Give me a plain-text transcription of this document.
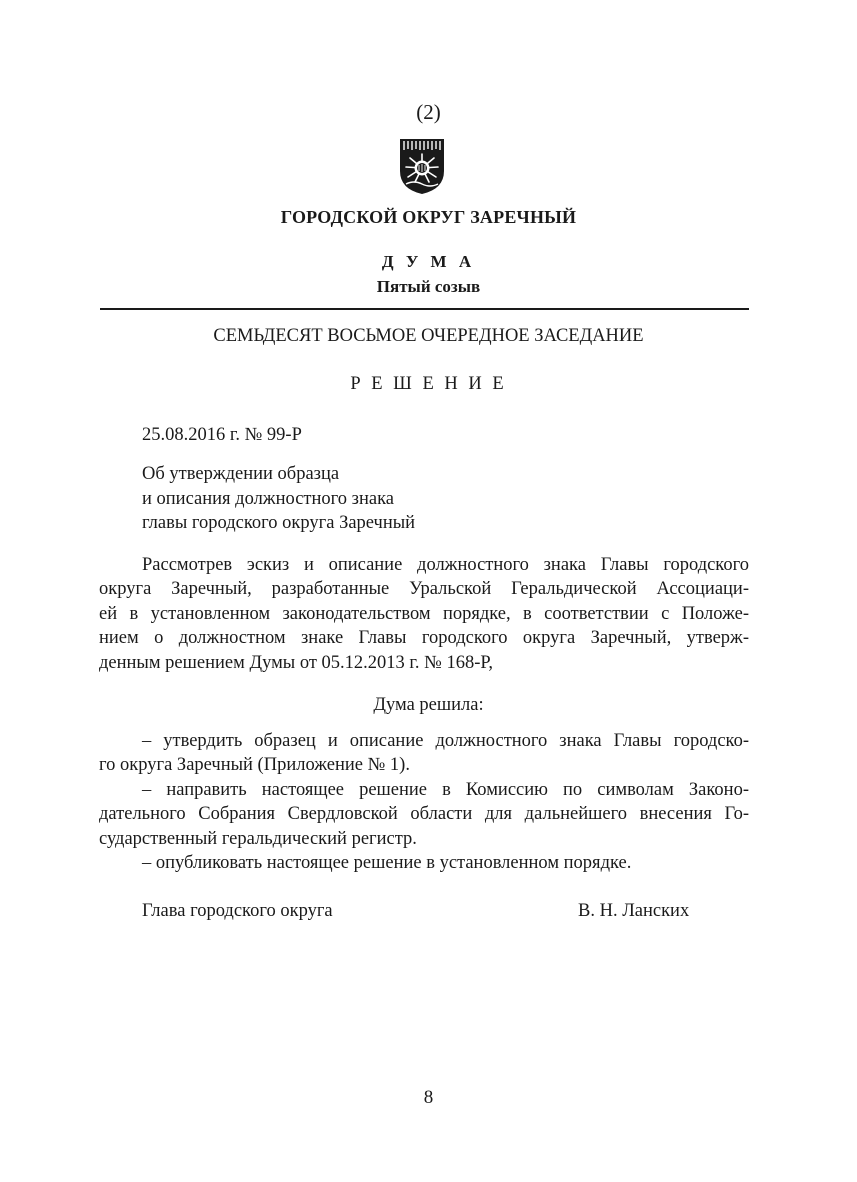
(2)
ГОРОДСКОЙ ОКРУГ ЗАРЕЧНЫЙ
Д У М А
Пятый созыв
СЕМЬДЕСЯТ ВОСЬМОЕ ОЧЕРЕДНОЕ ЗАСЕДАНИЕ
Р Е Ш Е Н И Е
25.08.2016 г. № 99-Р
Об утверждении образца
и описания должностного знака
главы городского округа Заречный
Рассмотрев эскиз и описание должностного знака Главы городского
округа Заречный, разработанные Уральской Геральдической Ассоциаци-
ей в установленном законодательством порядке, в соответствии с Положе-
нием о должностном знаке Главы городского округа Заречный, утверж-
денным решением Думы от 05.12.2013 г. № 168-Р,
Дума решила:
– утвердить образец и описание должностного знака Главы городско-
го округа Заречный (Приложение № 1).
– направить настоящее решение в Комиссию по символам Законо-
дательного Собрания Свердловской области для дальнейшего внесения Го-
сударственный геральдический регистр.
– опубликовать настоящее решение в установленном порядке.
Глава городского округа	В. Н. Ланских
8
